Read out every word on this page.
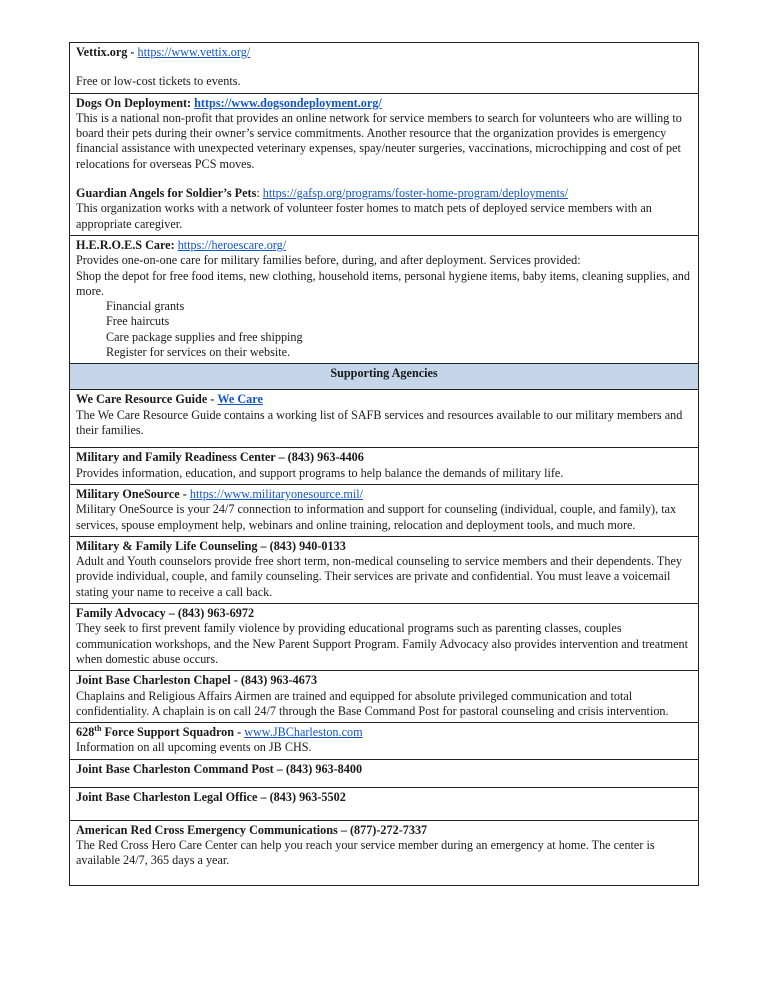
Vettix.org - https://www.vettix.org/
Free or low-cost tickets to events.

Dogs On Deployment: https://www.dogsondeployment.org/
This is a national non-profit that provides an online network for service members to search for volunteers who are willing to board their pets during their owner’s service commitments. Another resource that the organization provides is emergency financial assistance with unexpected veterinary expenses, spay/neuter surgeries, vaccinations, microchipping and cost of pet relocations for overseas PCS moves.
Guardian Angels for Soldier’s Pets: https://gafsp.org/programs/foster-home-program/deployments/
This organization works with a network of volunteer foster homes to match pets of deployed service members with an appropriate caregiver.

H.E.R.O.E.S Care: https://heroescare.org/
Provides one-on-one care for military families before, during, and after deployment. Services provided:
Shop the depot for free food items, new clothing, household items, personal hygiene items, baby items, cleaning supplies, and more.
Financial grants
Free haircuts
Care package supplies and free shipping
Register for services on their website.

Supporting Agencies
We Care Resource Guide - We Care
The We Care Resource Guide contains a working list of SAFB services and resources available to our military members and their families.

Military and Family Readiness Center – (843) 963-4406
Provides information, education, and support programs to help balance the demands of military life.

Military OneSource - https://www.militaryonesource.mil/
Military OneSource is your 24/7 connection to information and support for counseling (individual, couple, and family), tax services, spouse employment help, webinars and online training, relocation and deployment tools, and much more.

Military & Family Life Counseling – (843) 940-0133
Adult and Youth counselors provide free short term, non-medical counseling to service members and their dependents. They provide individual, couple, and family counseling. Their services are private and confidential. You must leave a voicemail stating your name to receive a call back.

Family Advocacy – (843) 963-6972
They seek to first prevent family violence by providing educational programs such as parenting classes, couples communication workshops, and the New Parent Support Program. Family Advocacy also provides intervention and treatment when domestic abuse occurs.

Joint Base Charleston Chapel - (843) 963-4673
Chaplains and Religious Affairs Airmen are trained and equipped for absolute privileged communication and total confidentiality. A chaplain is on call 24/7 through the Base Command Post for pastoral counseling and crisis intervention.

628th Force Support Squadron - www.JBCharleston.com
Information on all upcoming events on JB CHS.

Joint Base Charleston Command Post – (843) 963-8400
Joint Base Charleston Legal Office – (843) 963-5502

American Red Cross Emergency Communications – (877)-272-7337
The Red Cross Hero Care Center can help you reach your service member during an emergency at home. The center is available 24/7, 365 days a year.
